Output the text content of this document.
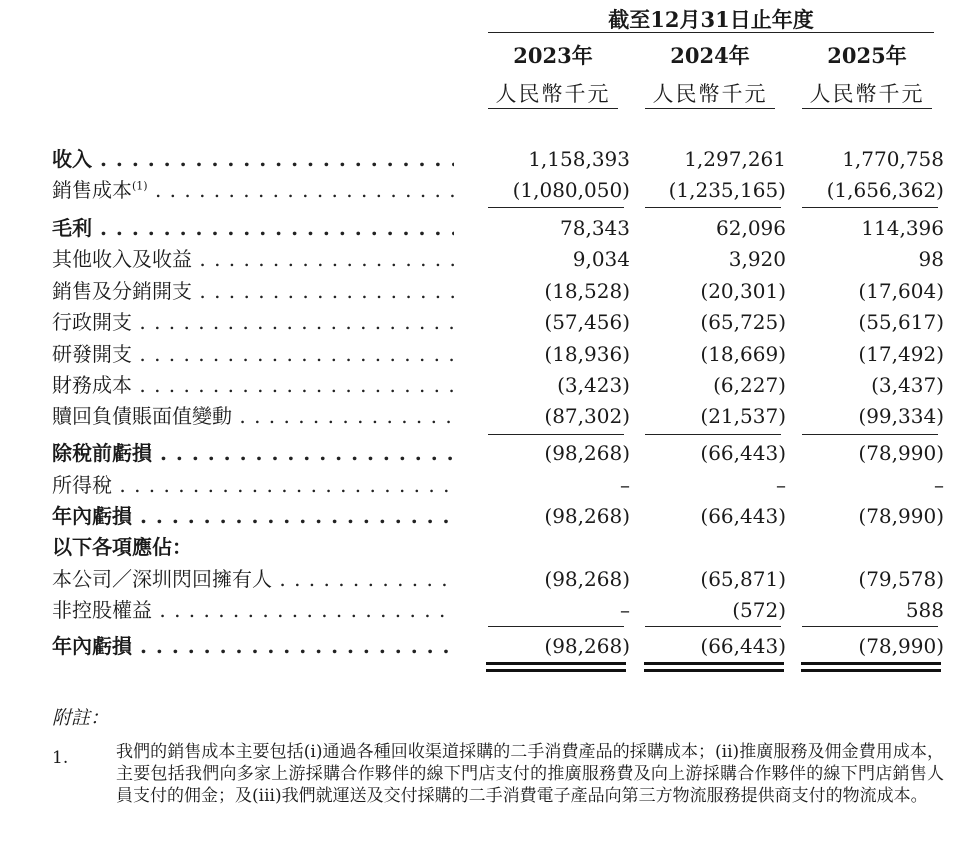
截至12月31日止年度
2023年	2024年	2025年
人民幣千元	人民幣千元	人民幣千元
收入 . . .	1,158,393	1,297,261	1,770,758
銷售成本$^{(1)}$ . . .	(1,080,050)	(1,235,165)	(1,656,362)
毛利 . . .	78,343	62,096	114,396
其他收入及收益 . . .	9,034	3,920	98
銷售及分銷開支 . . .	(18,528)	(20,301)	(17,604)
行政開支 . . .	(57,456)	(65,725)	(55,617)
研發開支 . . .	(18,936)	(18,669)	(17,492)
財務成本 . . .	(3,423)	(6,227)	(3,437)
贖回負債賬面值變動 . . .	(87,302)	(21,537)	(99,334)
除稅前虧損 . . .	(98,268)	(66,443)	(78,990)
所得稅 . . .	–	–	–
年內虧損 . . .	(98,268)	(66,443)	(78,990)
以下各項應佔：
本公司／深圳閃回擁有人 . . .	(98,268)	(65,871)	(79,578)
非控股權益 . . .	–	(572)	588
年內虧損 . . .	(98,268)	(66,443)	(78,990)
附註：
1.	我們的銷售成本主要包括(i)通過各種回收渠道採購的二手消費產品的採購成本；(ii)推廣服務及佣金費用成本，主要包括我們向多家上游採購合作夥伴的線下門店支付的推廣服務費及向上游採購合作夥伴的線下門店銷售人員支付的佣金；及(iii)我們就運送及交付採購的二手消費電子產品向第三方物流服務提供商支付的物流成本。
